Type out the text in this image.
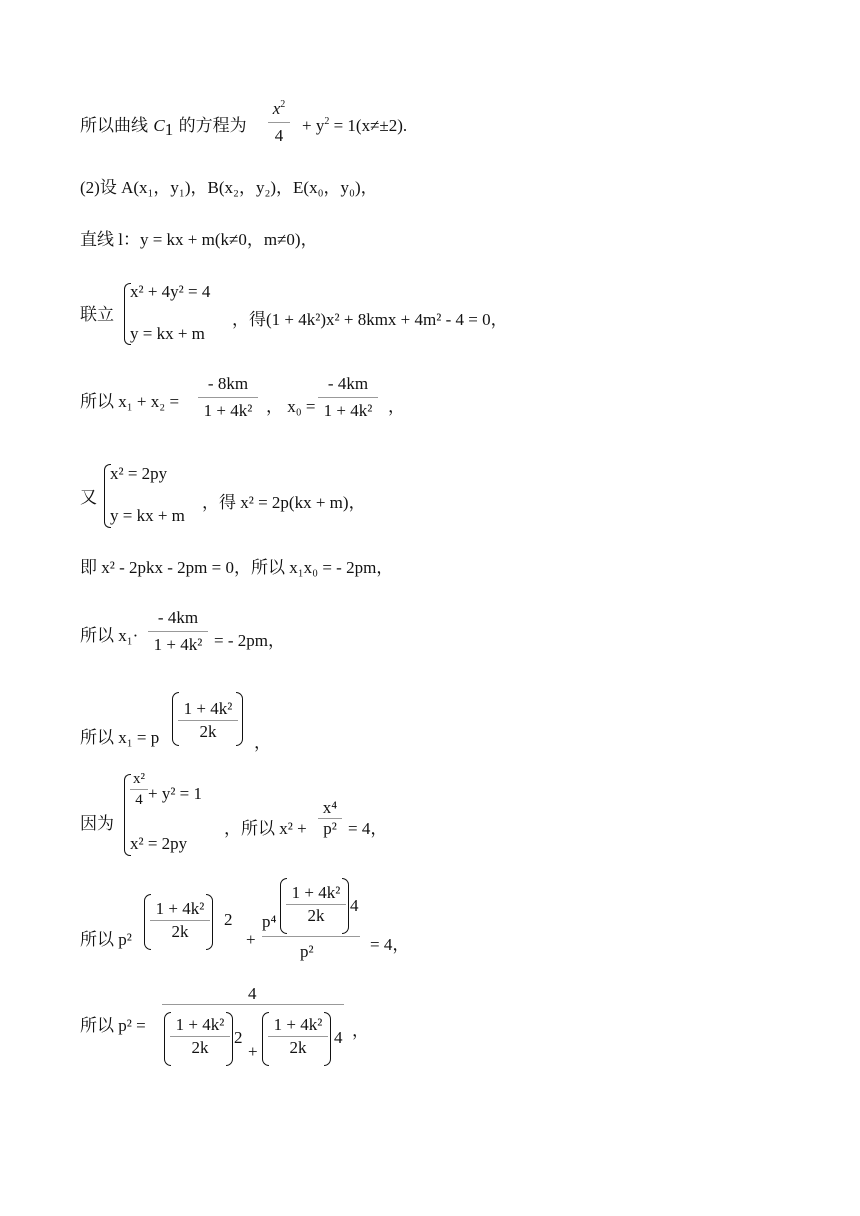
所以曲线 $C_1$ 的方程为
$x^2$
4
+ $y^2 = 1(x\ne\pm 2)$.
(2)设 A(x₁，y₁)，B(x₂，y₂)，E(x₀，y₀)，
直线 l：y = kx + m(k≠0，m≠0)，
联立
x² + 4y² = 4
y = kx + m
，得(1 + 4k²)x² + 8kmx + 4m² - 4 = 0，
所以 x₁ + x₂ =
- 8km
1 + 4k² ， x₀ =
- 4km
1 + 4k² ，
又
x² = 2py
y = kx + m
，得 x² = 2p(kx + m)，
即 x² - 2pkx - 2pm = 0，所以 x₁x₀ = - 2pm，
所以 x₁·
- 4km
1 + 4k² = - 2pm，
所以 x₁ = p
1 + 4k²
2k
，
因为
x²
4 + y² = 1
x² = 2py
，所以 x² +
x⁴
p² = 4，
所以 p²
1 + 4k²
2k
2
+
p⁴
1 + 4k²
2k
4
p²	= 4，
所以 p² =
4
1 + 4k²
2k
2
+
1 + 4k²
2k
4 ，
